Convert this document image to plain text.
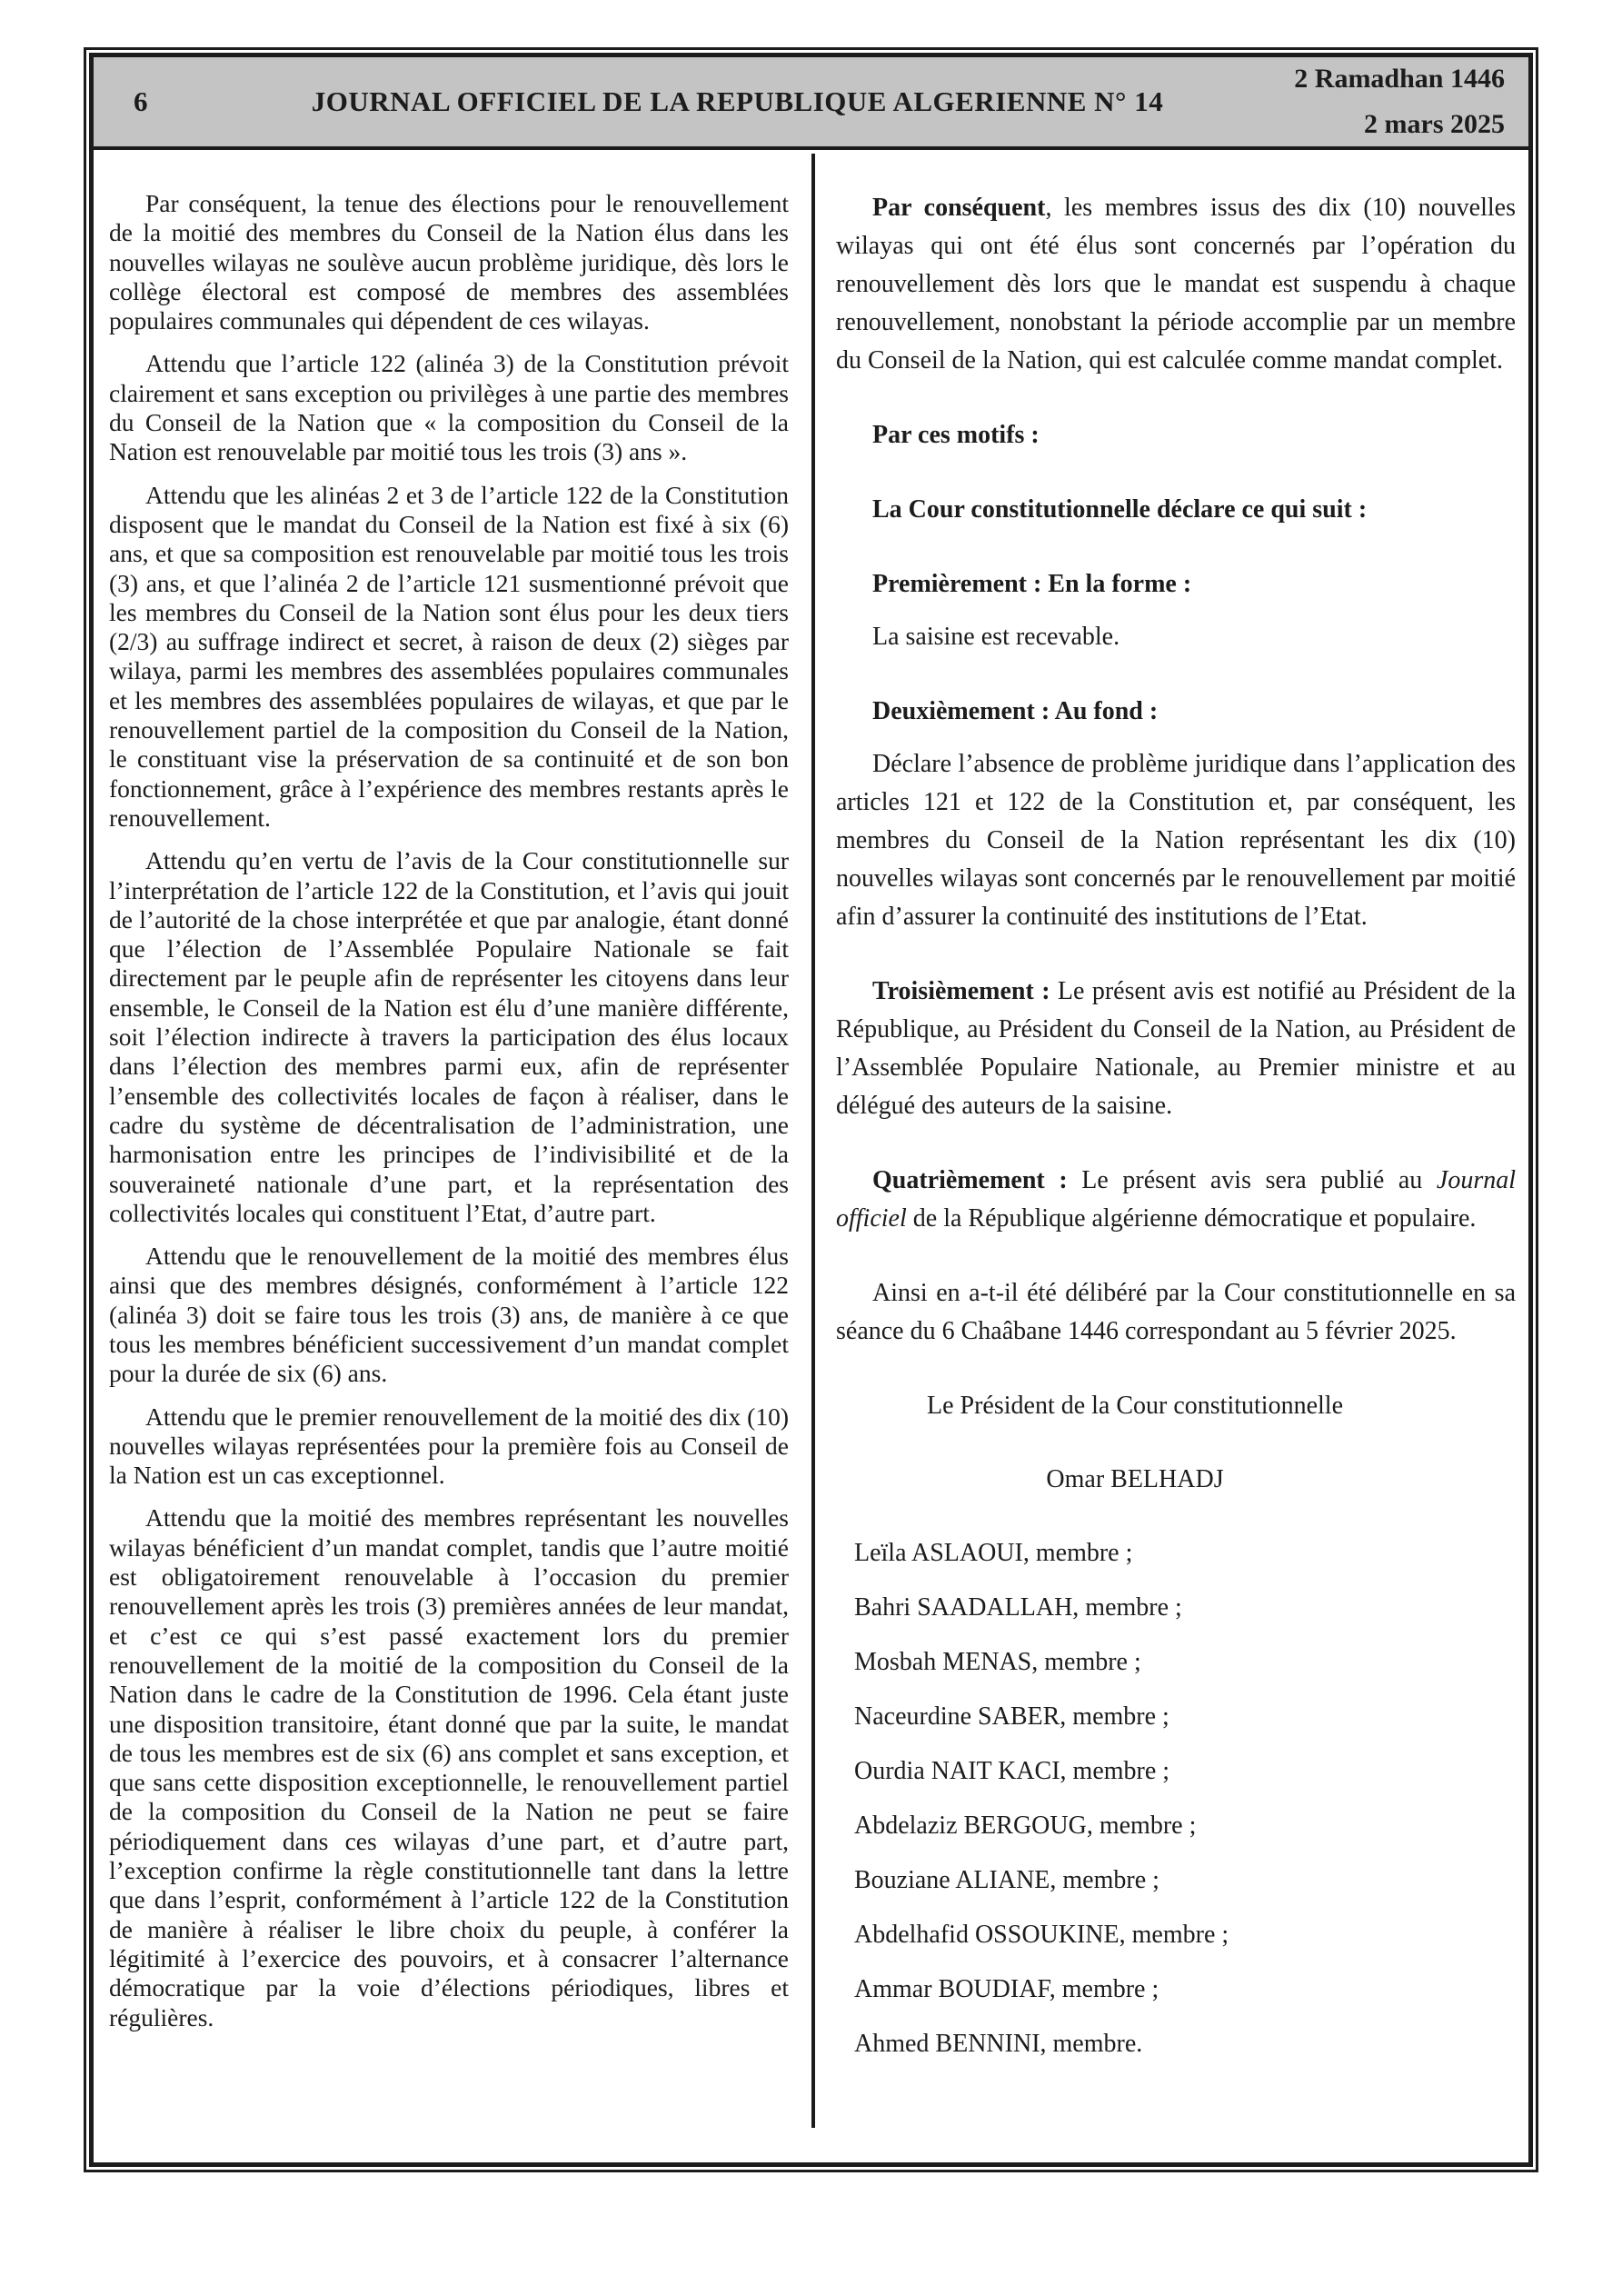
6	JOURNAL OFFICIEL DE LA REPUBLIQUE ALGERIENNE N° 14
2 Ramadhan 1446
2 mars 2025

Par conséquent, la tenue des élections pour le renouvellement de la moitié des membres du Conseil de la Nation élus dans les nouvelles wilayas ne soulève aucun problème juridique, dès lors le collège électoral est composé de membres des assemblées populaires communales qui dépendent de ces wilayas.

Attendu que l’article 122 (alinéa 3) de la Constitution prévoit clairement et sans exception ou privilèges à une partie des membres du Conseil de la Nation que « la composition du Conseil de la Nation est renouvelable par moitié tous les trois (3) ans ».

Attendu que les alinéas 2 et 3 de l’article 122 de la Constitution disposent que le mandat du Conseil de la Nation est fixé à six (6) ans, et que sa composition est renouvelable par moitié tous les trois (3) ans, et que l’alinéa 2 de l’article 121 susmentionné prévoit que les membres du Conseil de la Nation sont élus pour les deux tiers (2/3) au suffrage indirect et secret, à raison de deux (2) sièges par wilaya, parmi les membres des assemblées populaires communales et les membres des assemblées populaires de wilayas, et que par le renouvellement partiel de la composition du Conseil de la Nation, le constituant vise la préservation de sa continuité et de son bon fonctionnement, grâce à l’expérience des membres restants après le renouvellement.

Attendu qu’en vertu de l’avis de la Cour constitutionnelle sur l’interprétation de l’article 122 de la Constitution, et l’avis qui jouit de l’autorité de la chose interprétée et que par analogie, étant donné que l’élection de l’Assemblée Populaire Nationale se fait directement par le peuple afin de représenter les citoyens dans leur ensemble, le Conseil de la Nation est élu d’une manière différente, soit l’élection indirecte à travers la participation des élus locaux dans l’élection des membres parmi eux, afin de représenter l’ensemble des collectivités locales de façon à réaliser, dans le cadre du système de décentralisation de l’administration, une harmonisation entre les principes de l’indivisibilité et de la souveraineté nationale d’une part, et la représentation des collectivités locales qui constituent l’Etat, d’autre part.

Attendu que le renouvellement de la moitié des membres élus ainsi que des membres désignés, conformément à l’article 122 (alinéa 3) doit se faire tous les trois (3) ans, de manière à ce que tous les membres bénéficient successivement d’un mandat complet pour la durée de six (6) ans.

Attendu que le premier renouvellement de la moitié des dix (10) nouvelles wilayas représentées pour la première fois au Conseil de la Nation est un cas exceptionnel.

Attendu que la moitié des membres représentant les nouvelles wilayas bénéficient d’un mandat complet, tandis que l’autre moitié est obligatoirement renouvelable à l’occasion du premier renouvellement après les trois (3) premières années de leur mandat, et c’est ce qui s’est passé exactement lors du premier renouvellement de la moitié de la composition du Conseil de la Nation dans le cadre de la Constitution de 1996. Cela étant juste une disposition transitoire, étant donné que par la suite, le mandat de tous les membres est de six (6) ans complet et sans exception, et que sans cette disposition exceptionnelle, le renouvellement partiel de la composition du Conseil de la Nation ne peut se faire périodiquement dans ces wilayas d’une part, et d’autre part, l’exception confirme la règle constitutionnelle tant dans la lettre que dans l’esprit, conformément à l’article 122 de la Constitution de manière à réaliser le libre choix du peuple, à conférer la légitimité à l’exercice des pouvoirs, et à consacrer l’alternance démocratique par la voie d’élections périodiques, libres et régulières.

Par conséquent, les membres issus des dix (10) nouvelles wilayas qui ont été élus sont concernés par l’opération du renouvellement dès lors que le mandat est suspendu à chaque renouvellement, nonobstant la période accomplie par un membre du Conseil de la Nation, qui est calculée comme mandat complet.

Par ces motifs :

La Cour constitutionnelle déclare ce qui suit :

Premièrement : En la forme :

La saisine est recevable.

Deuxièmement : Au fond :

Déclare l’absence de problème juridique dans l’application des articles 121 et 122 de la Constitution et, par conséquent, les membres du Conseil de la Nation représentant les dix (10) nouvelles wilayas sont concernés par le renouvellement par moitié afin d’assurer la continuité des institutions de l’Etat.

Troisièmement : Le présent avis est notifié au Président de la République, au Président du Conseil de la Nation, au Président de l’Assemblée Populaire Nationale, au Premier ministre et au délégué des auteurs de la saisine.

Quatrièmement : Le présent avis sera publié au Journal officiel de la République algérienne démocratique et populaire.

Ainsi en a-t-il été délibéré par la Cour constitutionnelle en sa séance du 6 Chaâbane 1446 correspondant au 5 février 2025.

Le Président de la Cour constitutionnelle

Omar BELHADJ

Leïla ASLAOUI, membre ;

Bahri SAADALLAH, membre ;

Mosbah MENAS, membre ;

Naceurdine SABER, membre ;

Ourdia NAIT KACI, membre ;

Abdelaziz BERGOUG, membre ;

Bouziane ALIANE, membre ;

Abdelhafid OSSOUKINE, membre ;

Ammar BOUDIAF, membre ;

Ahmed BENNINI, membre.
